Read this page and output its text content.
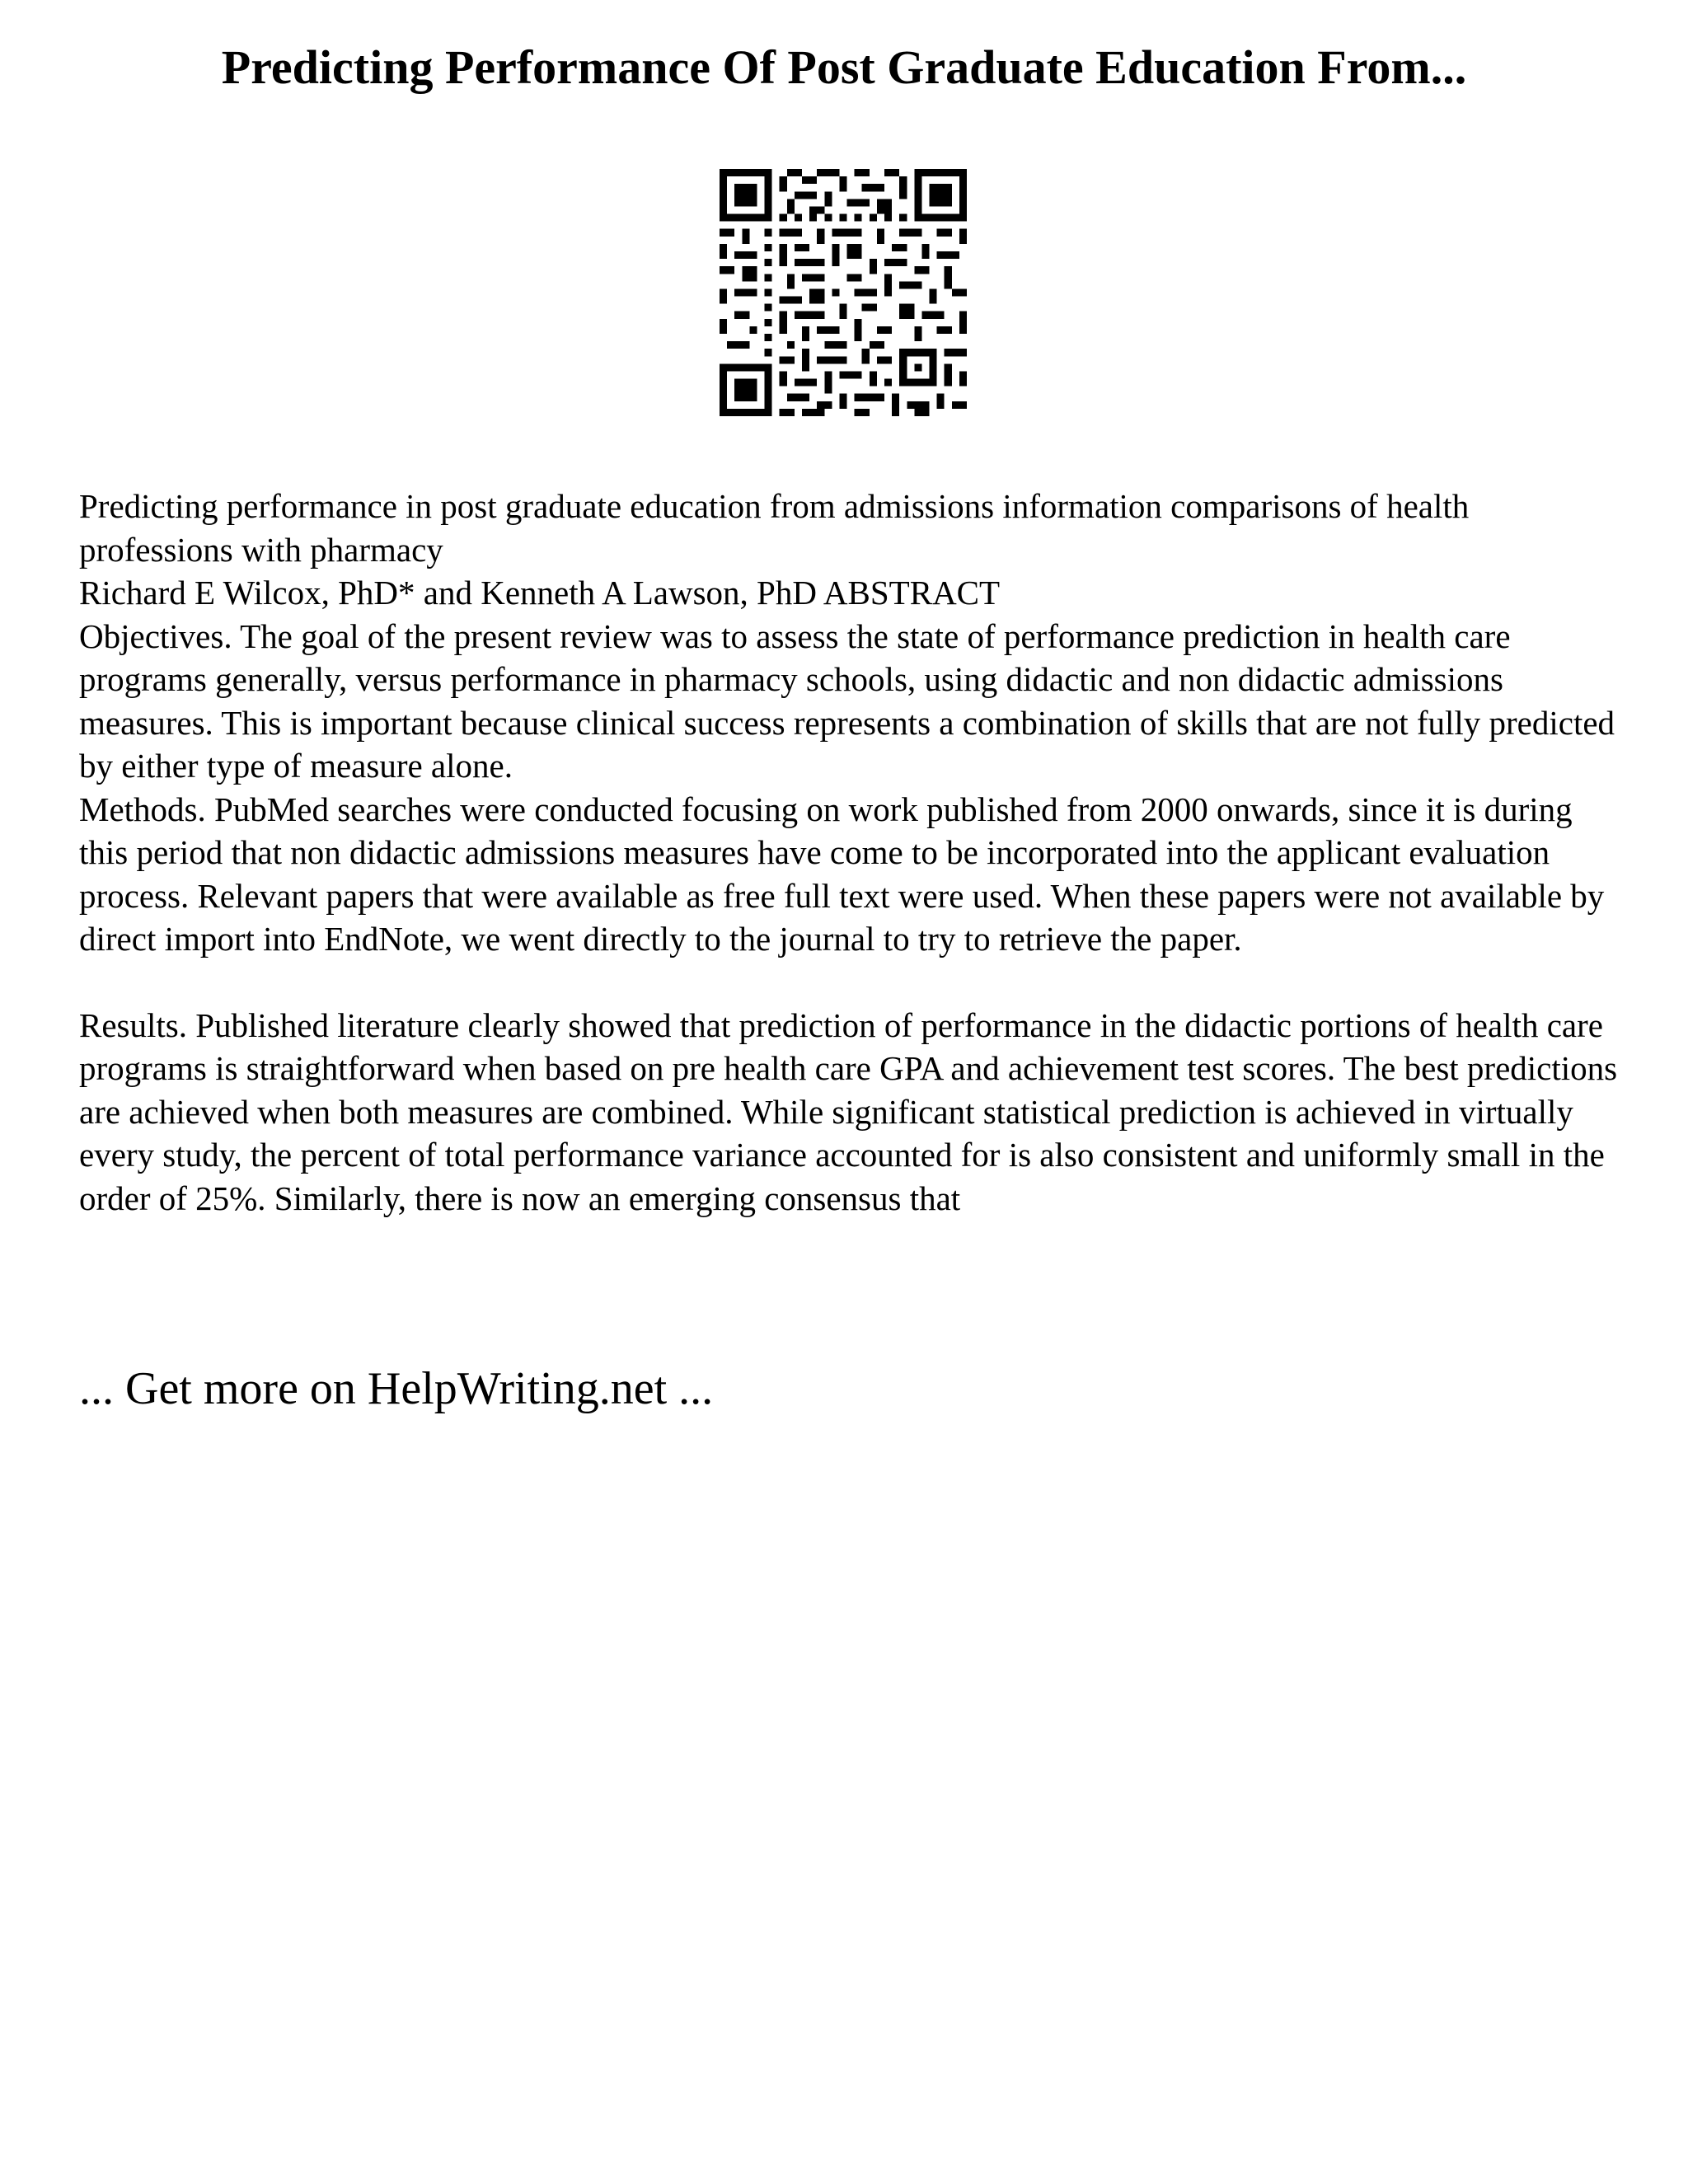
Predicting Performance Of Post Graduate Education From...

Predicting performance in post graduate education from admissions information comparisons of health professions with pharmacy

Richard E Wilcox, PhD* and Kenneth A Lawson, PhD ABSTRACT

Objectives. The goal of the present review was to assess the state of performance prediction in health care programs generally, versus performance in pharmacy schools, using didactic and non didactic admissions measures. This is important because clinical success represents a combination of skills that are not fully predicted by either type of measure alone.

Methods. PubMed searches were conducted focusing on work published from 2000 onwards, since it is during this period that non didactic admissions measures have come to be incorporated into the applicant evaluation process. Relevant papers that were available as free full text were used. When these papers were not available by direct import into EndNote, we went directly to the journal to try to retrieve the paper.

Results. Published literature clearly showed that prediction of performance in the didactic portions of health care programs is straightforward when based on pre health care GPA and achievement test scores. The best predictions are achieved when both measures are combined. While significant statistical prediction is achieved in virtually every study, the percent of total performance variance accounted for is also consistent and uniformly small in the order of 25%. Similarly, there is now an emerging consensus that

... Get more on HelpWriting.net ...
